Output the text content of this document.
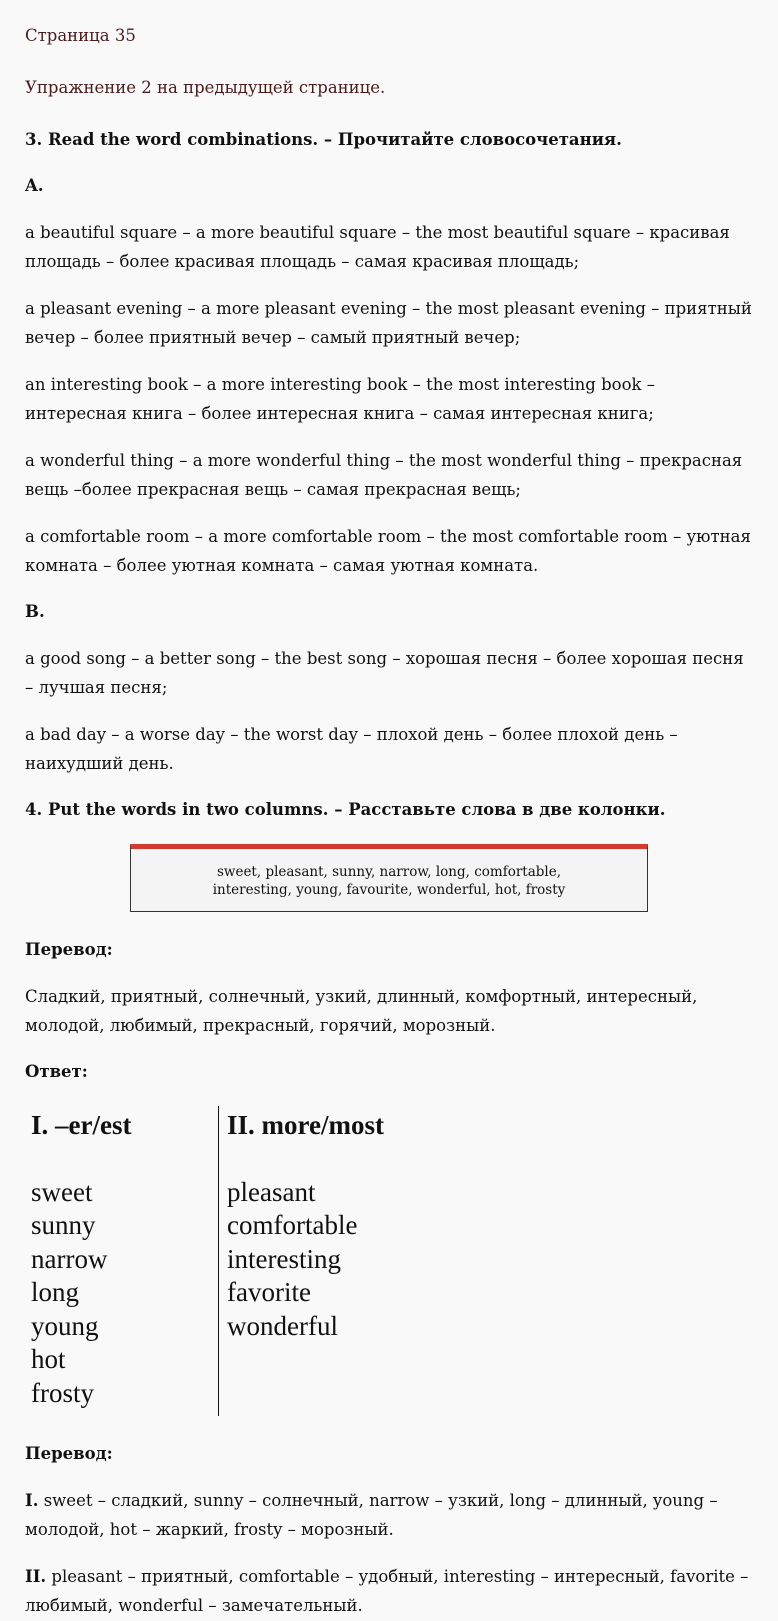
Страница 35
Упражнение 2 на предыдущей странице.
3. Read the word combinations. – Прочитайте словосочетания.
A.
a beautiful square – a more beautiful square – the most beautiful square – красивая площадь – более красивая площадь – самая красивая площадь;
a pleasant evening – a more pleasant evening – the most pleasant evening – приятный вечер – более приятный вечер – самый приятный вечер;
an interesting book – a more interesting book – the most interesting book – интересная книга – более интересная книга – самая интересная книга;
a wonderful thing – a more wonderful thing – the most wonderful thing – прекрасная вещь –более прекрасная вещь – самая прекрасная вещь;
a comfortable room – a more comfortable room – the most comfortable room – уютная комната – более уютная комната – самая уютная комната.
B.
a good song – a better song – the best song – хорошая песня – более хорошая песня – лучшая песня;
a bad day – a worse day – the worst day – плохой день – более плохой день – наихудший день.
4. Put the words in two columns. – Расставьте слова в две колонки.
sweet, pleasant, sunny, narrow, long, comfortable,
interesting, young, favourite, wonderful, hot, frosty
Перевод:
Сладкий, приятный, солнечный, узкий, длинный, комфортный, интересный, молодой, любимый, прекрасный, горячий, морозный.
Ответ:
I. –er/est
sweet
sunny
narrow
long
young
hot
frosty
II. more/most
pleasant
comfortable
interesting
favorite
wonderful
Перевод:
I. sweet – сладкий, sunny – солнечный, narrow – узкий, long – длинный, young – молодой, hot – жаркий, frosty – морозный.
II. pleasant – приятный, comfortable – удобный, interesting – интересный, favorite – любимый, wonderful – замечательный.
